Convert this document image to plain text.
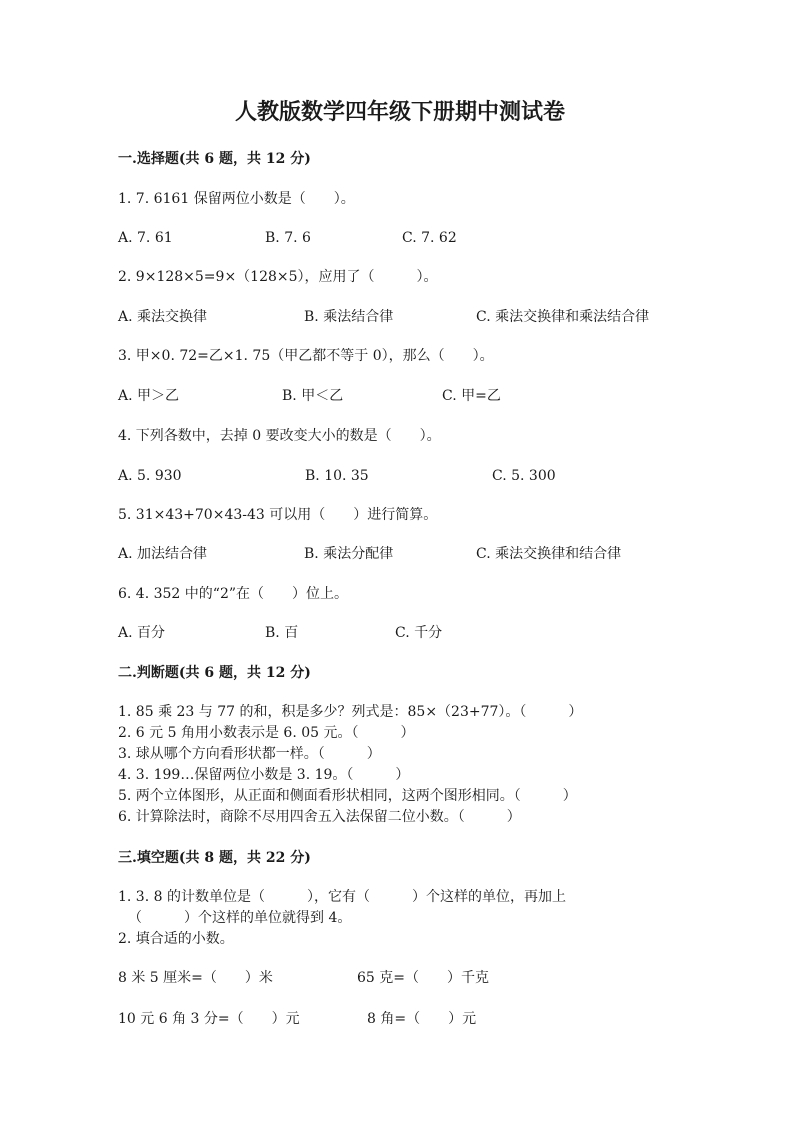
人教版数学四年级下册期中测试卷
一.选择题(共 6 题，共 12 分)
1. 7. 6161 保留两位小数是（　　）。
A. 7. 61	B. 7. 6	C. 7. 62
2. 9×128×5=9×（128×5），应用了（　　　）。
A. 乘法交换律	B. 乘法结合律	C. 乘法交换律和乘法结合律
3. 甲×0. 72=乙×1. 75（甲乙都不等于 0），那么（　　）。
A. 甲＞乙	B. 甲＜乙	C. 甲=乙
4. 下列各数中，去掉 0 要改变大小的数是（　　）。
A. 5. 930	B. 10. 35	C. 5. 300
5. 31×43+70×43-43 可以用（　　）进行简算。
A. 加法结合律	B. 乘法分配律	C. 乘法交换律和结合律
6. 4. 352 中的“2”在（　　）位上。
A. 百分	B. 百	C. 千分
二.判断题(共 6 题，共 12 分)
1. 85 乘 23 与 77 的和，积是多少？列式是：85×（23+77）。（　　　）
2. 6 元 5 角用小数表示是 6. 05 元。（　　　）
3. 球从哪个方向看形状都一样。（　　　）
4. 3. 199…保留两位小数是 3. 19。（　　　）
5. 两个立体图形，从正面和侧面看形状相同，这两个图形相同。（　　　）
6. 计算除法时，商除不尽用四舍五入法保留二位小数。（　　　）
三.填空题(共 8 题，共 22 分)
1. 3. 8 的计数单位是（　　　），它有（　　　）个这样的单位，再加上
（　　　）个这样的单位就得到 4。
2. 填合适的小数。
8 米 5 厘米=（　　）米	65 克=（　　）千克
10 元 6 角 3 分=（　　）元	8 角=（　　）元
